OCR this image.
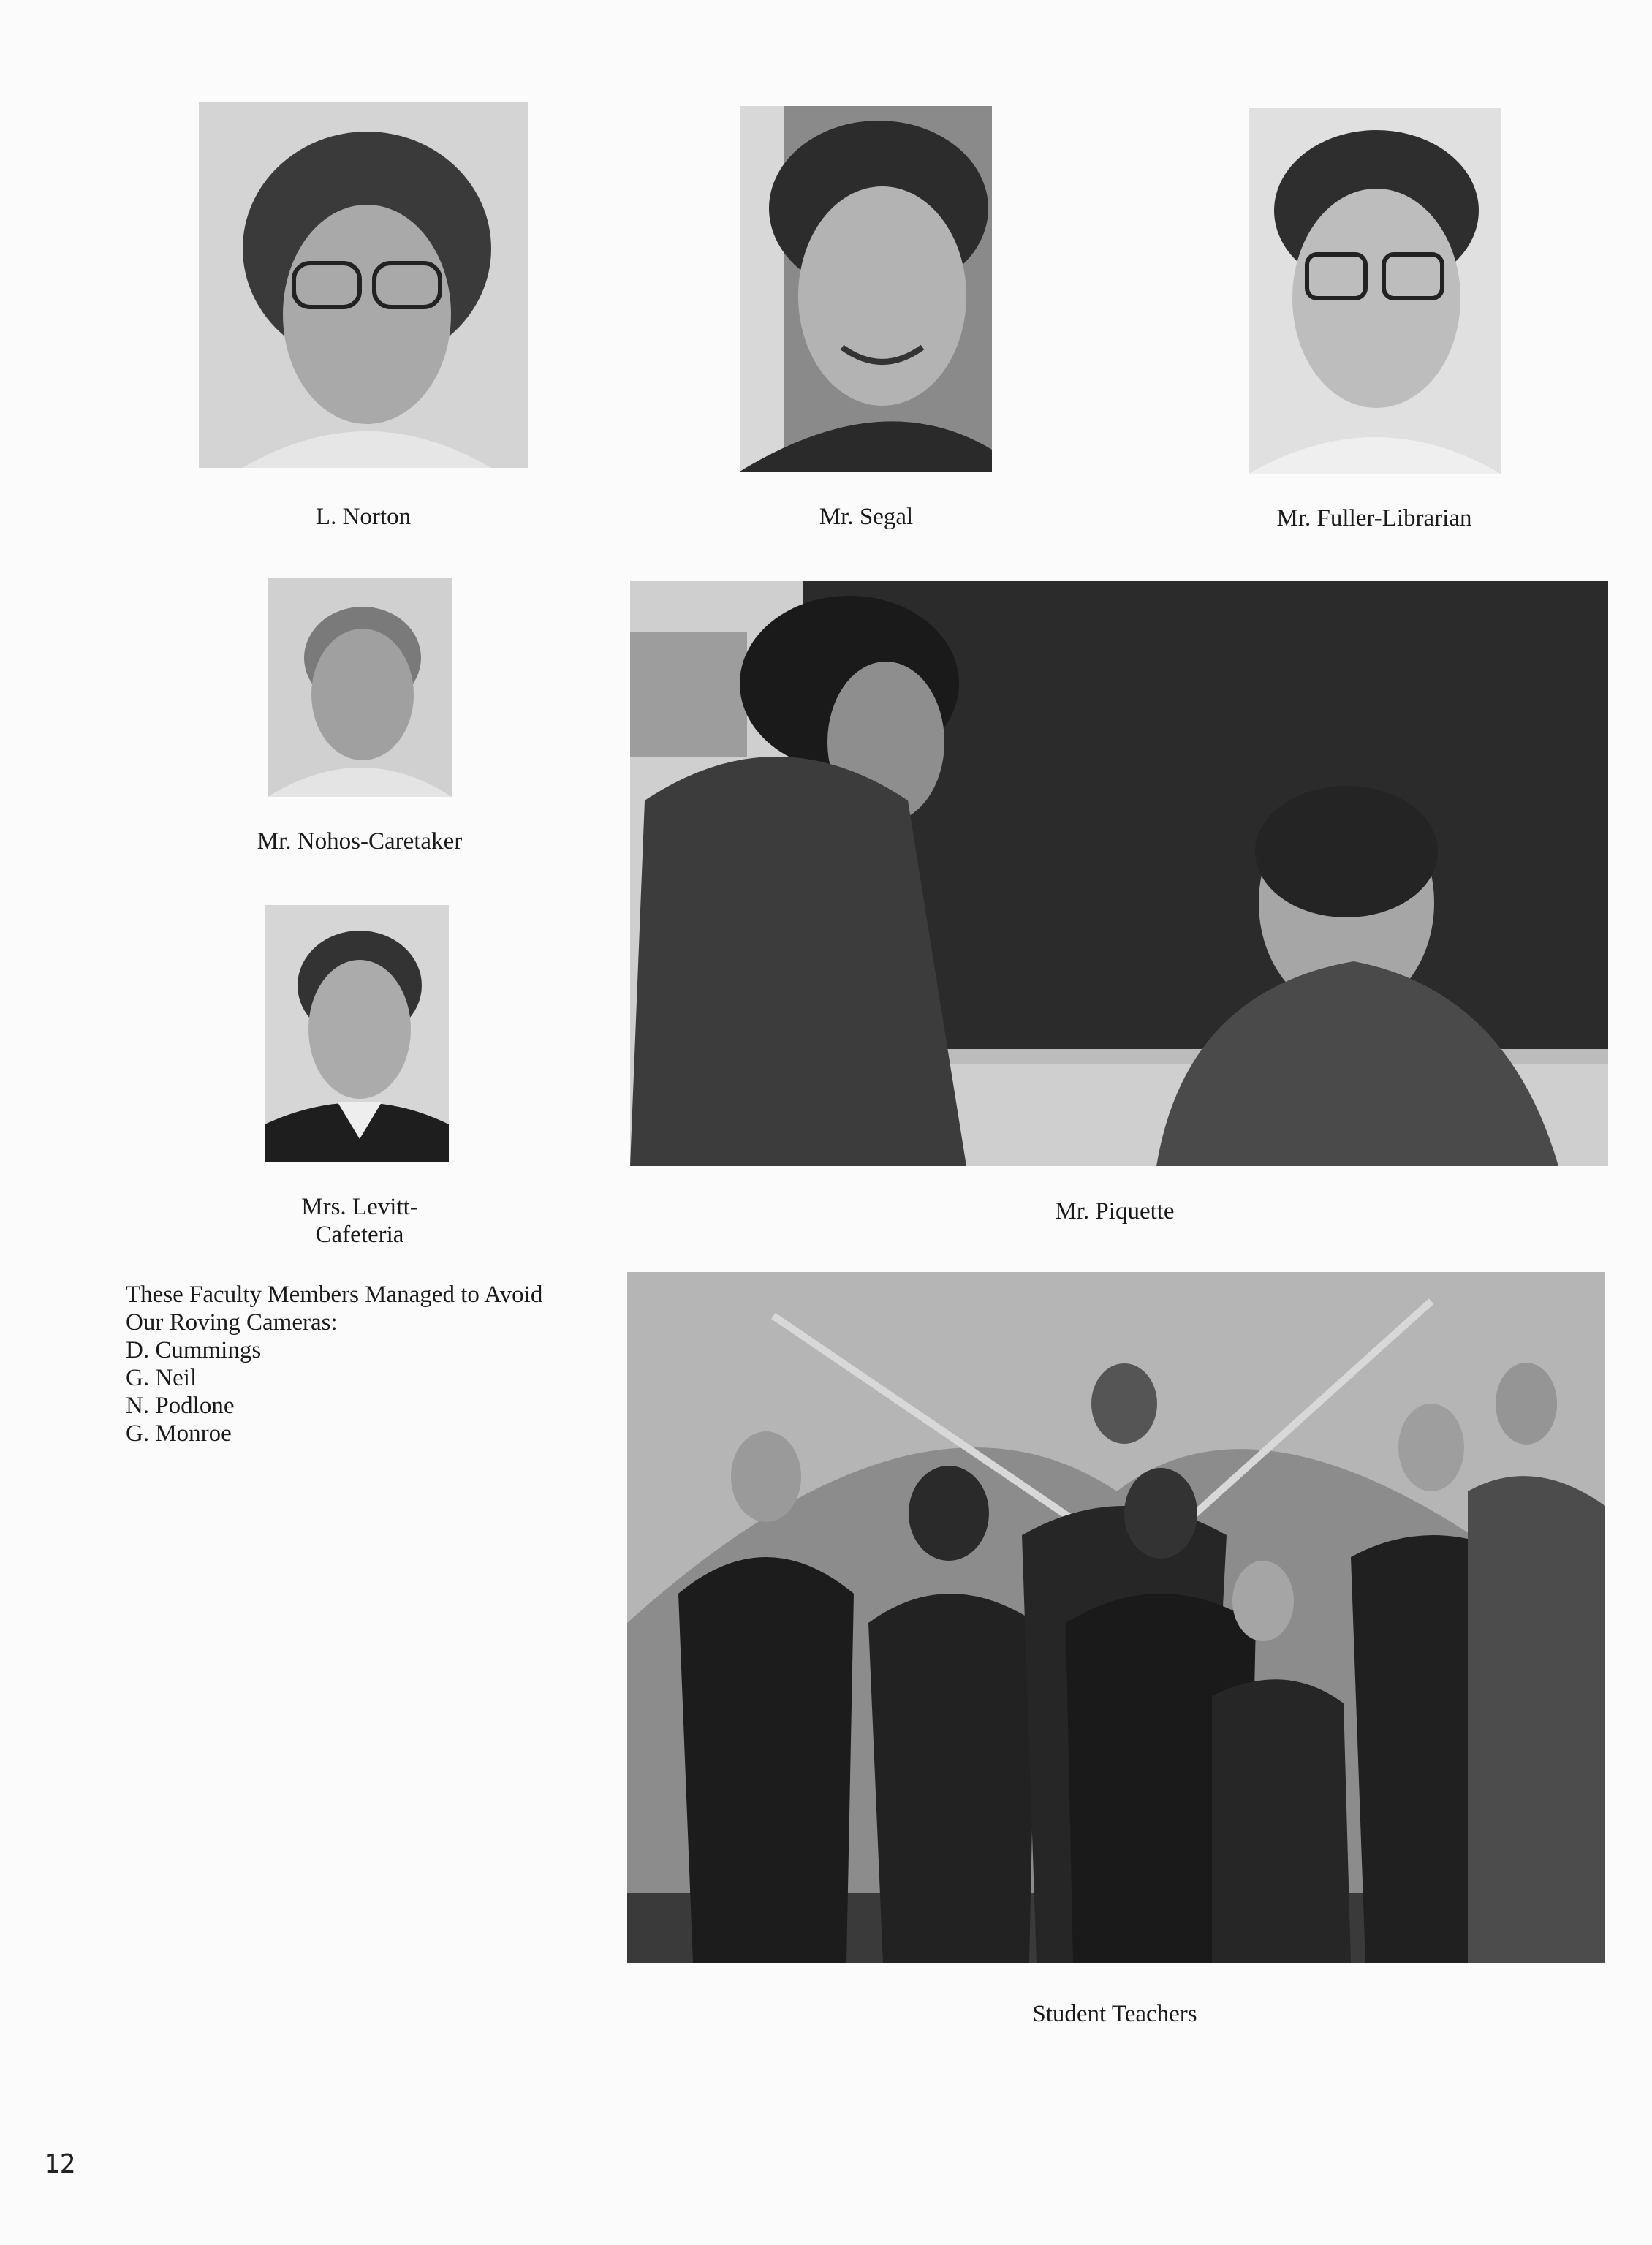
L. Norton	Mr. Segal	Mr. Fuller-Librarian
Mr. Nohos-Caretaker
Mrs. Levitt-
Cafeteria
Mr. Piquette
These Faculty Members Managed to Avoid
Our Roving Cameras:
D. Cummings
G. Neil
N. Podlone
G. Monroe
Student Teachers
12
